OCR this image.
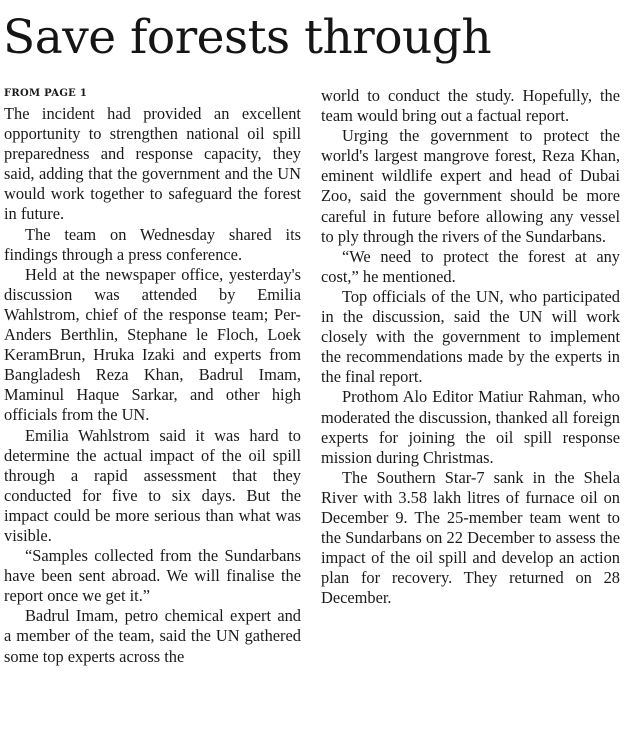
Save forests through

FROM PAGE 1

The incident had provided an excellent opportunity to strengthen national oil spill preparedness and response capacity, they said, adding that the government and the UN would work together to safeguard the forest in future.

The team on Wednesday shared its findings through a press conference.

Held at the newspaper office, yesterday's discussion was attended by Emilia Wahlstrom, chief of the response team; Per-Anders Berthlin, Stephane le Floch, Loek KeramBrun, Hruka Izaki and experts from Bangladesh Reza Khan, Badrul Imam, Maminul Haque Sarkar, and other high officials from the UN.

Emilia Wahlstrom said it was hard to determine the actual impact of the oil spill through a rapid assessment that they conducted for five to six days. But the impact could be more serious than what was visible.

“Samples collected from the Sundarbans have been sent abroad. We will finalise the report once we get it.”

Badrul Imam, petro chemical expert and a member of the team, said the UN gathered some top experts across the

world to conduct the study. Hopefully, the team would bring out a factual report.

Urging the government to protect the world's largest mangrove forest, Reza Khan, eminent wildlife expert and head of Dubai Zoo, said the government should be more careful in future before allowing any vessel to ply through the rivers of the Sundarbans.

“We need to protect the forest at any cost,” he mentioned.

Top officials of the UN, who participated in the discussion, said the UN will work closely with the government to implement the recommendations made by the experts in the final report.

Prothom Alo Editor Matiur Rahman, who moderated the discussion, thanked all foreign experts for joining the oil spill response mission during Christmas.

The Southern Star-7 sank in the Shela River with 3.58 lakh litres of furnace oil on December 9. The 25-member team went to the Sundarbans on 22 December to assess the impact of the oil spill and develop an action plan for recovery. They returned on 28 December.
